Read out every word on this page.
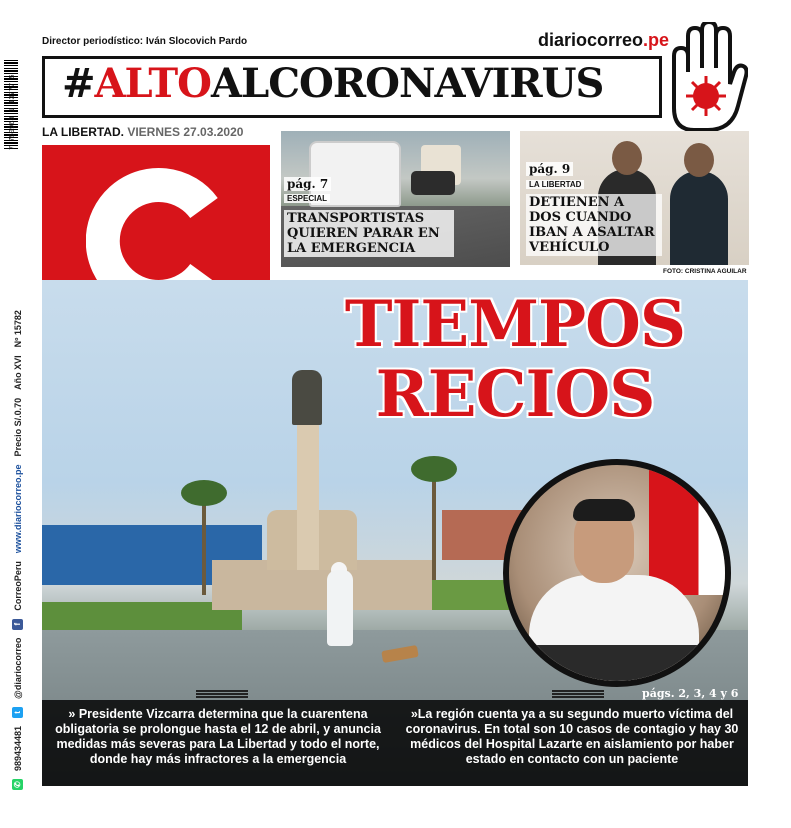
7 750968 1 13777 5
✆
989434481
t
@diariocorreo
f
CorreoPeru
www.diariocorreo.pe
Precio S/.0.70
Año XVI
Nº 15782
Director periodístico: Iván Slocovich Pardo	diariocorreo.pe
#ALTOALCORONAVIRUS
LA LIBERTAD. VIERNES 27.03.2020
pág. 7
ESPECIAL
TRANSPORTISTAS QUIEREN PARAR EN LA EMERGENCIA
pág. 9
LA LIBERTAD
DETIENEN A DOS CUANDO IBAN A ASALTAR VEHÍCULO
FOTO: CRISTINA AGUILAR
TIEMPOS
RECIOS
págs. 2, 3, 4 y 6
» Presidente Vizcarra determina que la cuarentena obligatoria se prolongue hasta el 12 de abril, y anuncia medidas más severas para La Libertad y todo el norte, donde hay más infractores a la emergencia
»La región cuenta ya a su segundo muerto víctima del coronavirus. En total son 10 casos de contagio y hay 30 médicos del Hospital Lazarte en aislamiento por haber estado en contacto con un paciente
